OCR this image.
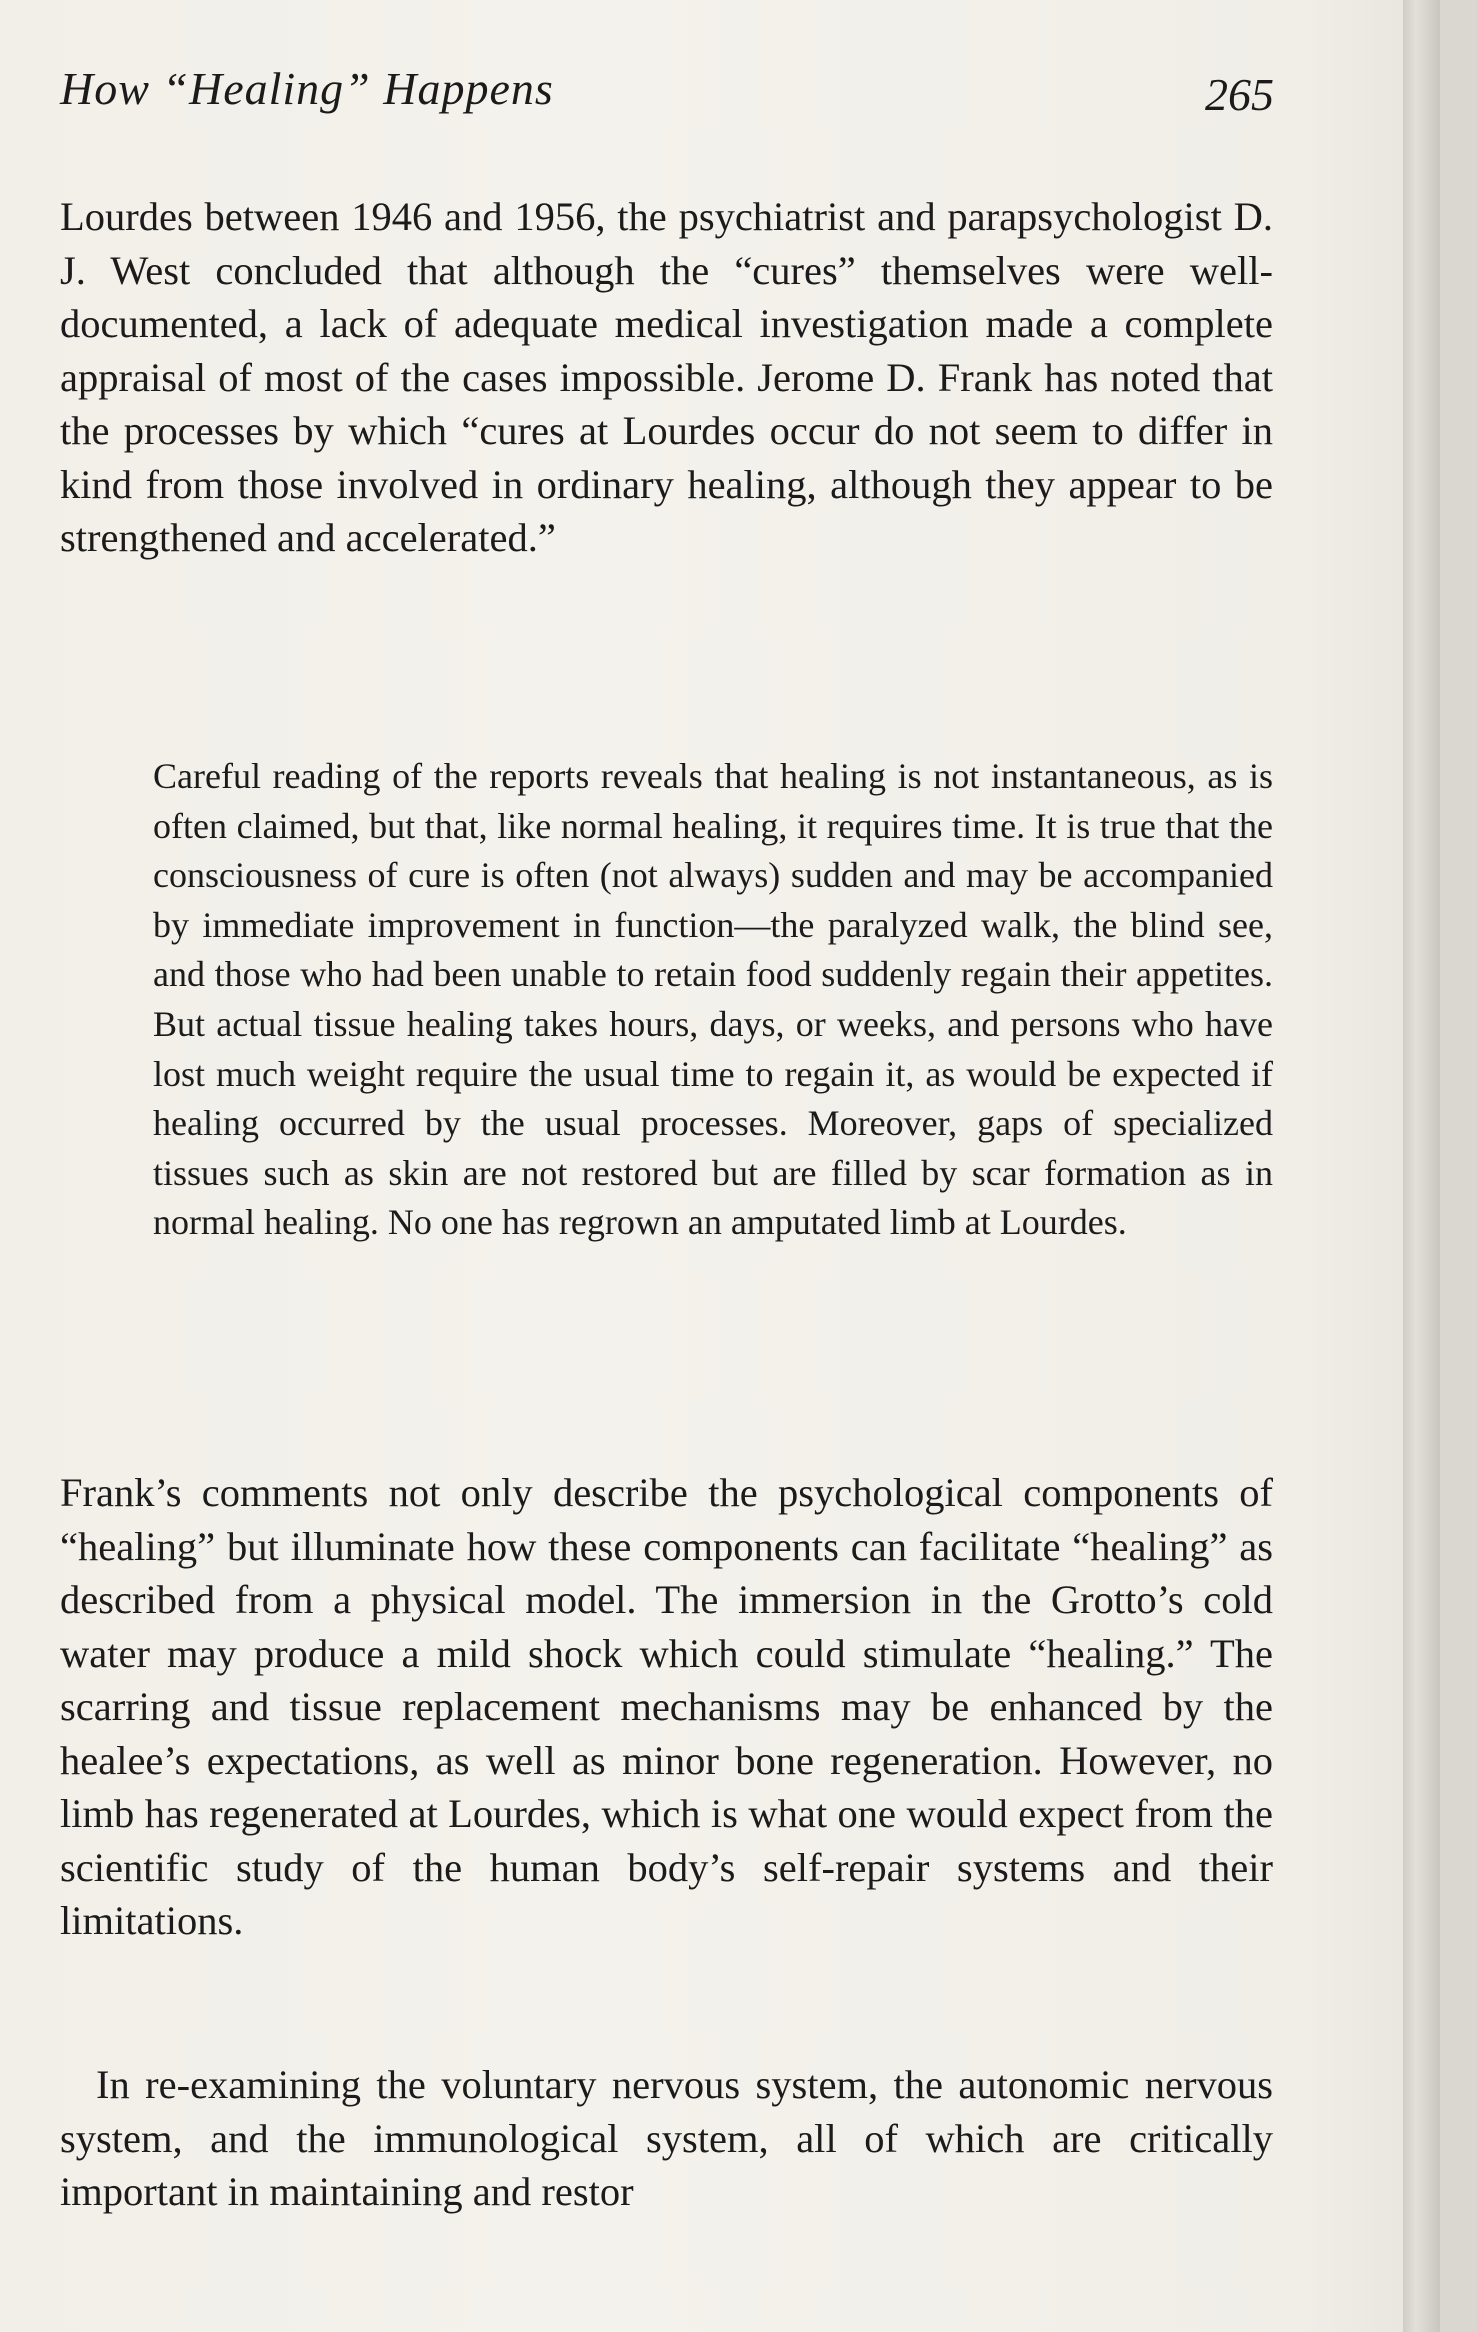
How “Healing” Happens	265

Lourdes between 1946 and 1956, the psychiatrist and parapsychologist D. J. West concluded that although the “cures” themselves were well-documented, a lack of adequate medical investigation made a complete appraisal of most of the cases impossible. Jerome D. Frank has noted that the processes by which “cures at Lourdes occur do not seem to differ in kind from those involved in ordinary healing, although they appear to be strengthened and accelerated.”

Careful reading of the reports reveals that healing is not instantaneous, as is often claimed, but that, like normal healing, it requires time. It is true that the consciousness of cure is often (not always) sudden and may be accompanied by immediate improvement in function—the paralyzed walk, the blind see, and those who had been unable to retain food suddenly regain their appetites. But actual tissue healing takes hours, days, or weeks, and persons who have lost much weight require the usual time to regain it, as would be expected if healing occurred by the usual processes. Moreover, gaps of specialized tissues such as skin are not restored but are filled by scar formation as in normal healing. No one has regrown an amputated limb at Lourdes.

Frank’s comments not only describe the psychological components of “healing” but illuminate how these components can facilitate “healing” as described from a physical model. The immersion in the Grotto’s cold water may produce a mild shock which could stimulate “healing.” The scarring and tissue replacement mechanisms may be enhanced by the healee’s expectations, as well as minor bone regeneration. However, no limb has regenerated at Lourdes, which is what one would expect from the scientific study of the human body’s self-repair systems and their limitations.

In re-examining the voluntary nervous system, the autonomic nervous system, and the immunological system, all of which are critically important in maintaining and restor
